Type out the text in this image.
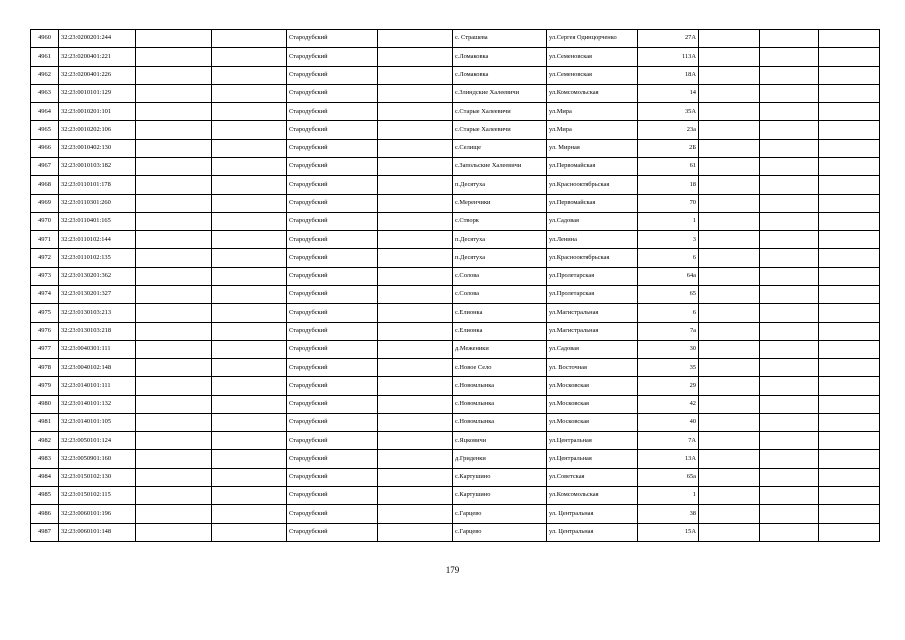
4960	32:23:0200201:244			Стародубский		с. Страшева	ул.Сергея Одинцорченко	27А			
4961	32:23:0200401:221			Стародубский		с.Ломаковка	ул.Семеновская	113А			
4962	32:23:0200401:226			Стародубский		с.Ломаковка	ул.Семеновская	18А			
4963	32:23:0010101:129			Стародубский		с.Злиндские Халеевичи	ул.Комсомольская	14			
4964	32:23:0010201:101			Стародубский		с.Старые Халеевичи	ул.Мира	35А			
4965	32:23:0010202:106			Стародубский		с.Старые Халеевичи	ул.Мира	23а			
4966	32:23:0010402:130			Стародубский		с.Селище	ул. Мирная	2Б			
4967	32:23:0010103:182			Стародубский		с.Запольские Халеевичи	ул.Первомайская	61			
4968	32:23:0110101:178			Стародубский		п.Десятуха	ул.Красноoктябрьская	18			
4969	32:23:0110301:260			Стародубский		с.Меренчики	ул.Первомайская	70			
4970	32:23:0110401:165			Стародубский		с.Створк	ул.Садовая	1			
4971	32:23:0110102:144			Стародубский		п.Десятуха	ул.Ленина	3			
4972	32:23:0110102:135			Стародубский		п.Десятуха	ул.Краснооктябрьская	6			
4973	32:23:0130201:362			Стародубский		с.Солова	ул.Пролетарская	64а			
4974	32:23:0130201:327			Стародубский		с.Солова	ул.Пролетарская	65			
4975	32:23:0130103:213			Стародубский		с.Елионка	ул.Магистральная	6			
4976	32:23:0130103:218			Стародубский		с.Елионка	ул.Магистральная	7а			
4977	32:23:0040301:111			Стародубский		д.Меженики	ул.Садовая	30			
4978	32:23:0040102:148			Стародубский		с.Новое Село	ул. Восточная	35			
4979	32:23:0140101:111			Стародубский		с.Новомлынка	ул.Московская	29			
4980	32:23:0140101:132			Стародубский		с.Новомлынка	ул.Московская	42			
4981	32:23:0140101:105			Стародубский		с.Новомлынка	ул.Московская	40			
4982	32:23:0050101:124			Стародубский		с.Яцковичи	ул.Центральная	7А			
4983	32:23:0050901:160			Стародубский		д.Гриденки	ул.Центральная	13А			
4984	32:23:0150102:130			Стародубский		с.Картушино	ул.Советская	65а			
4985	32:23:0150102:115			Стародубский		с.Картушино	ул.Комсомольская	1			
4986	32:23:0060101:196			Стародубский		с.Гарцево	ул. Центральная	38			
4987	32:23:0060101:148			Стародубский		с.Гарцево	ул. Центральная	15А			
179
